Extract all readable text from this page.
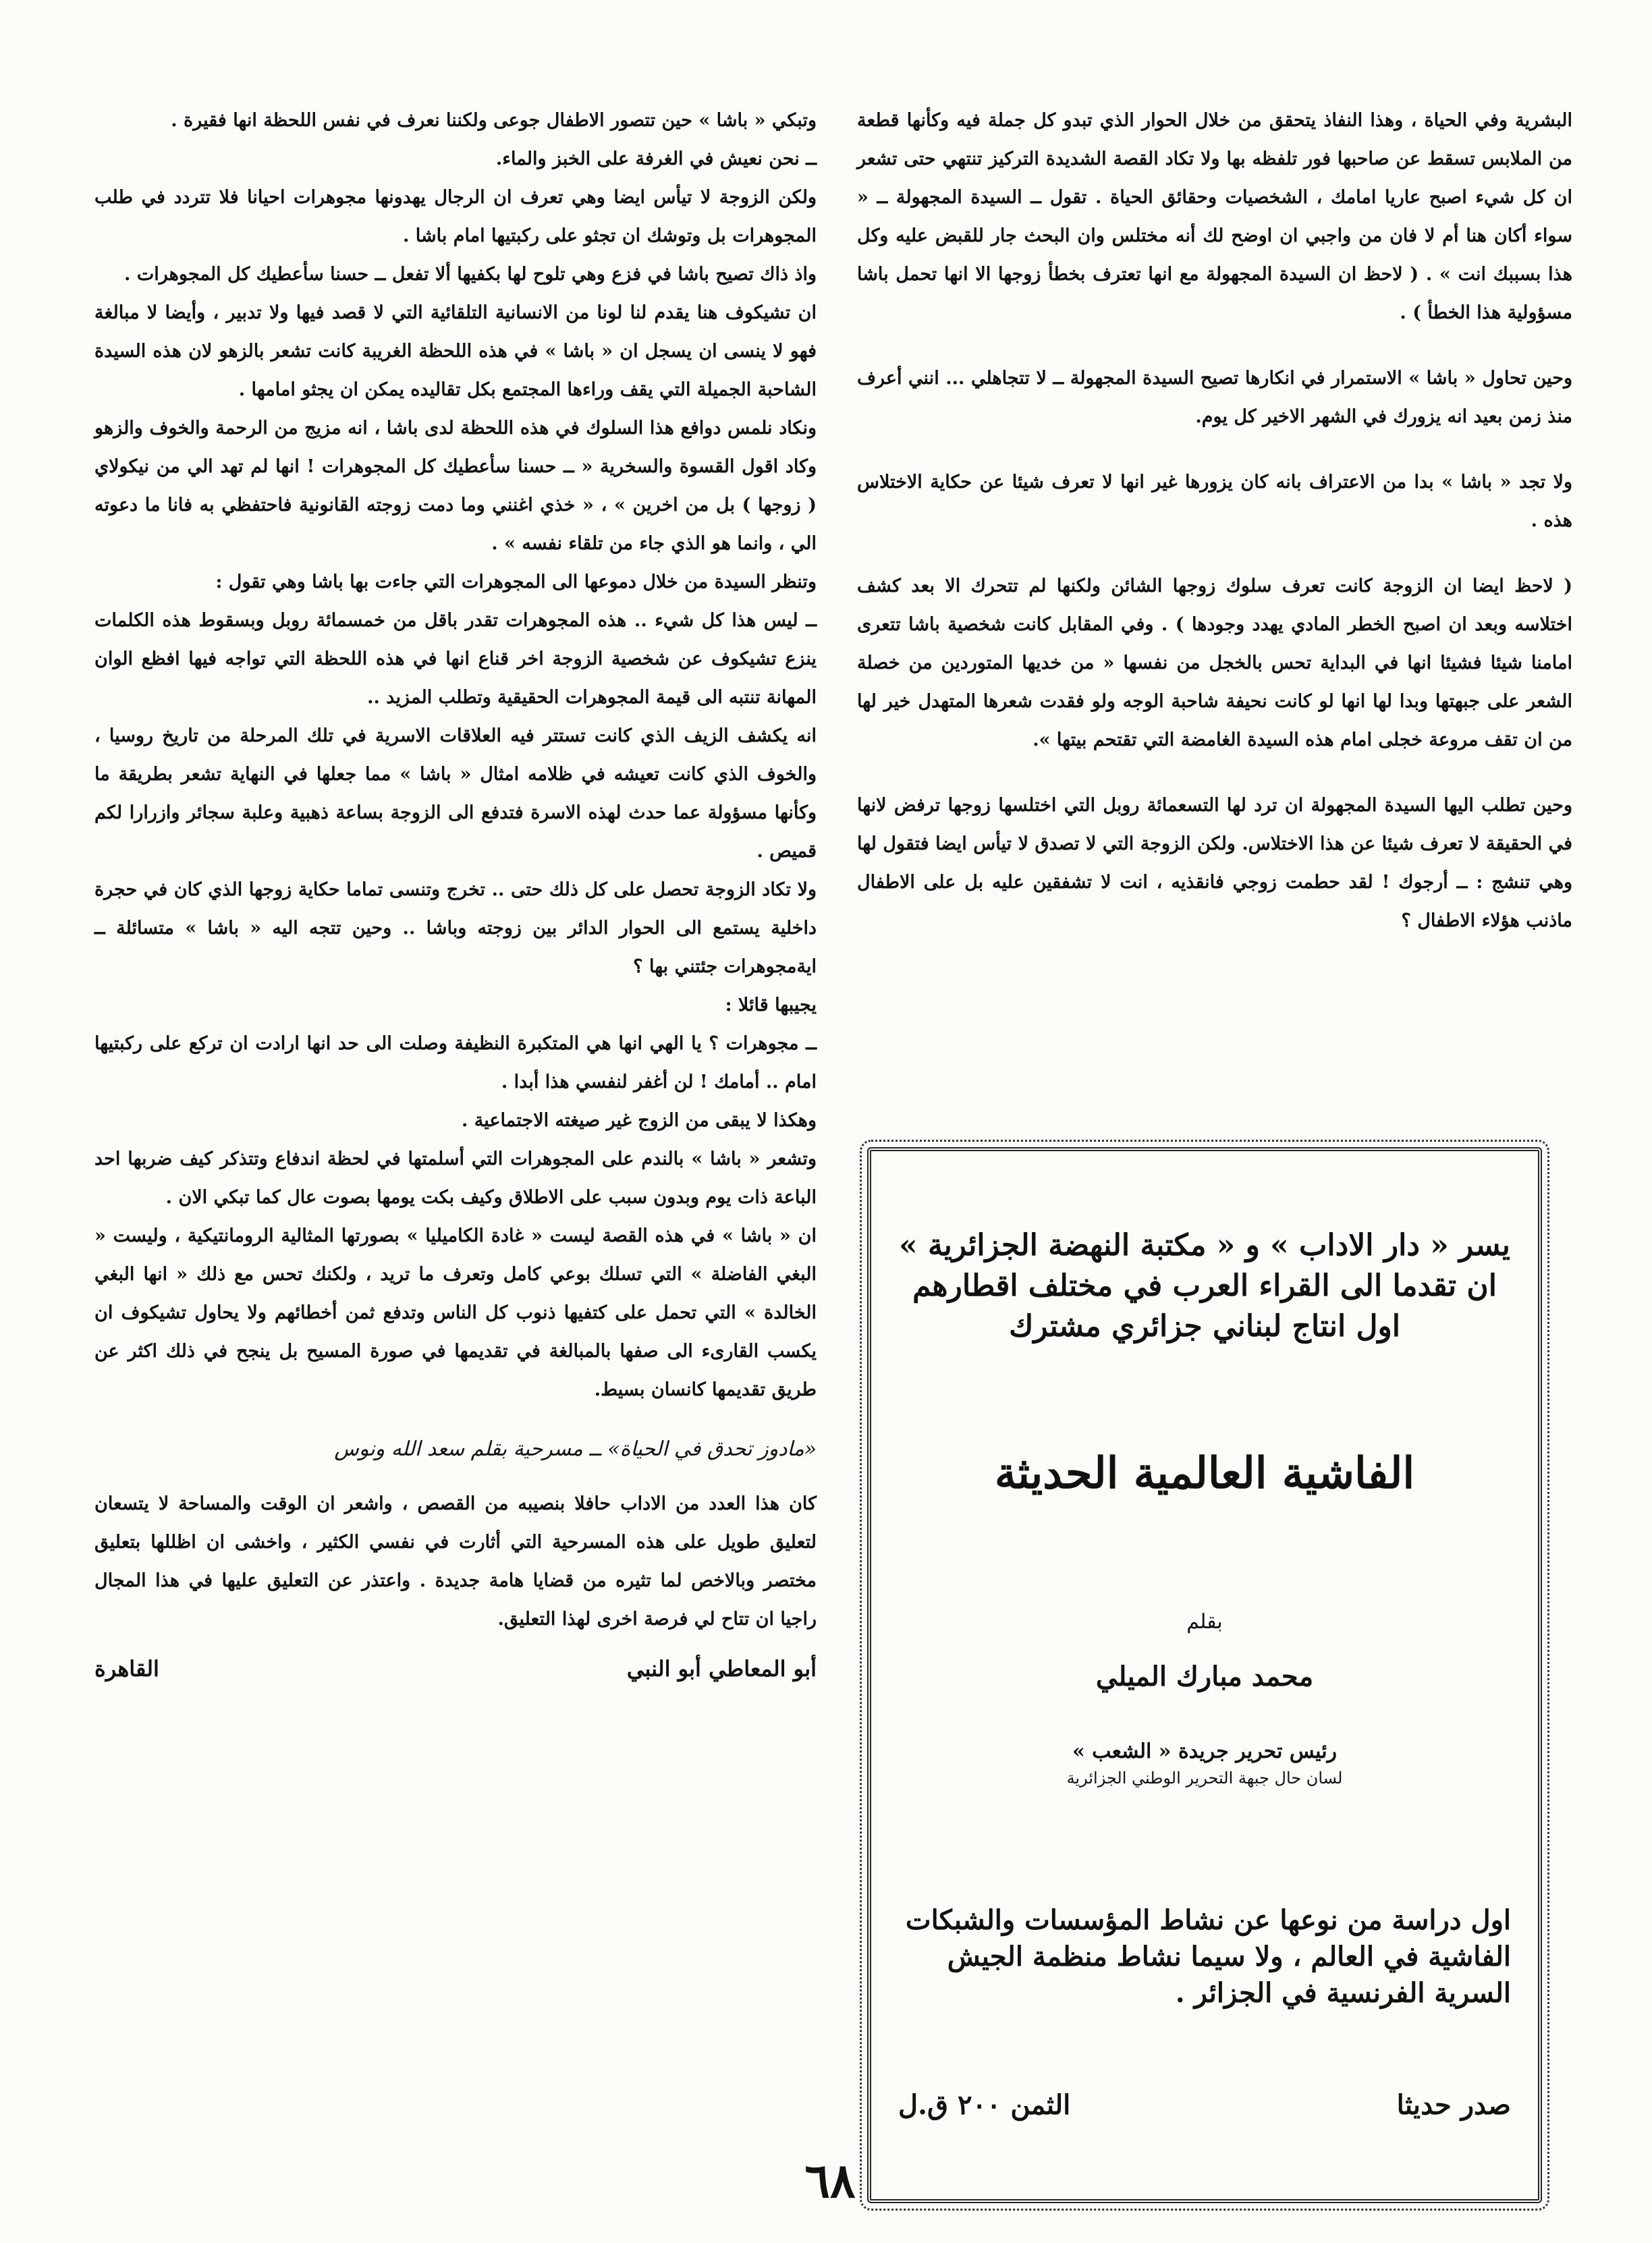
البشرية وفي الحياة ، وهذا النفاذ يتحقق من خلال الحوار الذي تبدو كل جملة فيه وكأنها قطعة من الملابس تسقط عن صاحبها فور تلفظه بها ولا تكاد القصة الشديدة التركيز تنتهي حتى تشعر ان كل شيء اصبح عاريا امامك ، الشخصيات وحقائق الحياة . تقول ــ السيدة المجهولة ــ « سواء أكان هنا أم لا فان من واجبي ان اوضح لك أنه مختلس وان البحث جار للقبض عليه وكل هذا بسببك انت » . ( لاحظ ان السيدة المجهولة مع انها تعترف بخطأ زوجها الا انها تحمل باشا مسؤولية هذا الخطأ ) .

وحين تحاول « باشا » الاستمرار في انكارها تصيح السيدة المجهولة ــ لا تتجاهلي ... انني أعرف منذ زمن بعيد انه يزورك في الشهر الاخير كل يوم.

ولا تجد « باشا » بدا من الاعتراف بانه كان يزورها غير انها لا تعرف شيئا عن حكاية الاختلاس هذه .

( لاحظ ايضا ان الزوجة كانت تعرف سلوك زوجها الشائن ولكنها لم تتحرك الا بعد كشف اختلاسه وبعد ان اصبح الخطر المادي يهدد وجودها ) . وفي المقابل كانت شخصية باشا تتعرى امامنا شيئا فشيئا انها في البداية تحس بالخجل من نفسها « من خديها المتوردين من خصلة الشعر على جبهتها وبدا لها انها لو كانت نحيفة شاحبة الوجه ولو فقدت شعرها المتهدل خير لها من ان تقف مروعة خجلى امام هذه السيدة الغامضة التي تقتحم بيتها ».

وحين تطلب اليها السيدة المجهولة ان ترد لها التسعمائة روبل التي اختلسها زوجها ترفض لانها في الحقيقة لا تعرف شيئا عن هذا الاختلاس. ولكن الزوجة التي لا تصدق لا تيأس ايضا فتقول لها وهي تنشج : ــ أرجوك ! لقد حطمت زوجي فانقذيه ، انت لا تشفقين عليه بل على الاطفال ماذنب هؤلاء الاطفال ؟

يسر « دار الاداب » و « مكتبة النهضة الجزائرية » ان تقدما الى القراء العرب في مختلف اقطارهم اول انتاج لبناني جزائري مشترك
الفاشية العالمية الحديثة
بقلم
محمد مبارك الميلي
رئيس تحرير جريدة « الشعب »
لسان حال جبهة التحرير الوطني الجزائرية
اول دراسة من نوعها عن نشاط المؤسسات والشبكات الفاشية في العالم ، ولا سيما نشاط منظمة الجيش السرية الفرنسية في الجزائر .
صدر حديثا
الثمن ٢٠٠ ق.ل

وتبكي « باشا » حين تتصور الاطفال جوعى ولكننا نعرف في نفس اللحظة انها فقيرة .

ــ نحن نعيش في الغرفة على الخبز والماء.

ولكن الزوجة لا تيأس ايضا وهي تعرف ان الرجال يهدونها مجوهرات احيانا فلا تتردد في طلب المجوهرات بل وتوشك ان تجثو على ركبتيها امام باشا .

واذ ذاك تصيح باشا في فزع وهي تلوح لها بكفيها ألا تفعل ــ حسنا سأعطيك كل المجوهرات .

ان تشيكوف هنا يقدم لنا لونا من الانسانية التلقائية التي لا قصد فيها ولا تدبير ، وأيضا لا مبالغة فهو لا ينسى ان يسجل ان « باشا » في هذه اللحظة الغريبة كانت تشعر بالزهو لان هذه السيدة الشاحبة الجميلة التي يقف وراءها المجتمع بكل تقاليده يمكن ان يجثو امامها .

ونكاد نلمس دوافع هذا السلوك في هذه اللحظة لدى باشا ، انه مزيج من الرحمة والخوف والزهو وكاد اقول القسوة والسخرية « ــ حسنا سأعطيك كل المجوهرات ! انها لم تهد الي من نيكولاي ( زوجها ) بل من اخرين » ، « خذي اغنني وما دمت زوجته القانونية فاحتفظي به فانا ما دعوته الي ، وانما هو الذي جاء من تلقاء نفسه » .

وتنظر السيدة من خلال دموعها الى المجوهرات التي جاءت بها باشا وهي تقول :

ــ ليس هذا كل شيء .. هذه المجوهرات تقدر باقل من خمسمائة روبل وبسقوط هذه الكلمات ينزع تشيكوف عن شخصية الزوجة اخر قناع انها في هذه اللحظة التي تواجه فيها افظع الوان المهانة تنتبه الى قيمة المجوهرات الحقيقية وتطلب المزيد ..

انه يكشف الزيف الذي كانت تستتر فيه العلاقات الاسرية في تلك المرحلة من تاريخ روسيا ، والخوف الذي كانت تعيشه في ظلامه امثال « باشا » مما جعلها في النهاية تشعر بطريقة ما وكأنها مسؤولة عما حدث لهذه الاسرة فتدفع الى الزوجة بساعة ذهبية وعلبة سجائر وازرارا لكم قميص .

ولا تكاد الزوجة تحصل على كل ذلك حتى .. تخرج وتنسى تماما حكاية زوجها الذي كان في حجرة داخلية يستمع الى الحوار الدائر بين زوجته وباشا .. وحين تتجه اليه « باشا » متسائلة ــ ايةمجوهرات جئتني بها ؟

يجيبها قائلا :

ــ مجوهرات ؟ يا الهي انها هي المتكبرة النظيفة وصلت الى حد انها ارادت ان تركع على ركبتيها امام .. أمامك ! لن أغفر لنفسي هذا أبدا .

وهكذا لا يبقى من الزوج غير صيغته الاجتماعية .

وتشعر « باشا » بالندم على المجوهرات التي أسلمتها في لحظة اندفاع وتتذكر كيف ضربها احد الباعة ذات يوم وبدون سبب على الاطلاق وكيف بكت يومها بصوت عال كما تبكي الان .

ان « باشا » في هذه القصة ليست « غادة الكاميليا » بصورتها المثالية الرومانتيكية ، وليست « البغي الفاضلة » التي تسلك بوعي كامل وتعرف ما تريد ، ولكنك تحس مع ذلك « انها البغي الخالدة » التي تحمل على كتفيها ذنوب كل الناس وتدفع ثمن أخطائهم ولا يحاول تشيكوف ان يكسب القارىء الى صفها بالمبالغة في تقديمها في صورة المسيح بل ينجح في ذلك اكثر عن طريق تقديمها كانسان بسيط.

«مادوز تحدق في الحياة» ــ مسرحية بقلم سعد الله ونوس

كان هذا العدد من الاداب حافلا بنصيبه من القصص ، واشعر ان الوقت والمساحة لا يتسعان لتعليق طويل على هذه المسرحية التي أثارت في نفسي الكثير ، واخشى ان اظللها بتعليق مختصر وبالاخص لما تثيره من قضايا هامة جديدة . واعتذر عن التعليق عليها في هذا المجال راجيا ان تتاح لي فرصة اخرى لهذا التعليق.

أبو المعاطي أبو النبي
القاهرة
٦٨
